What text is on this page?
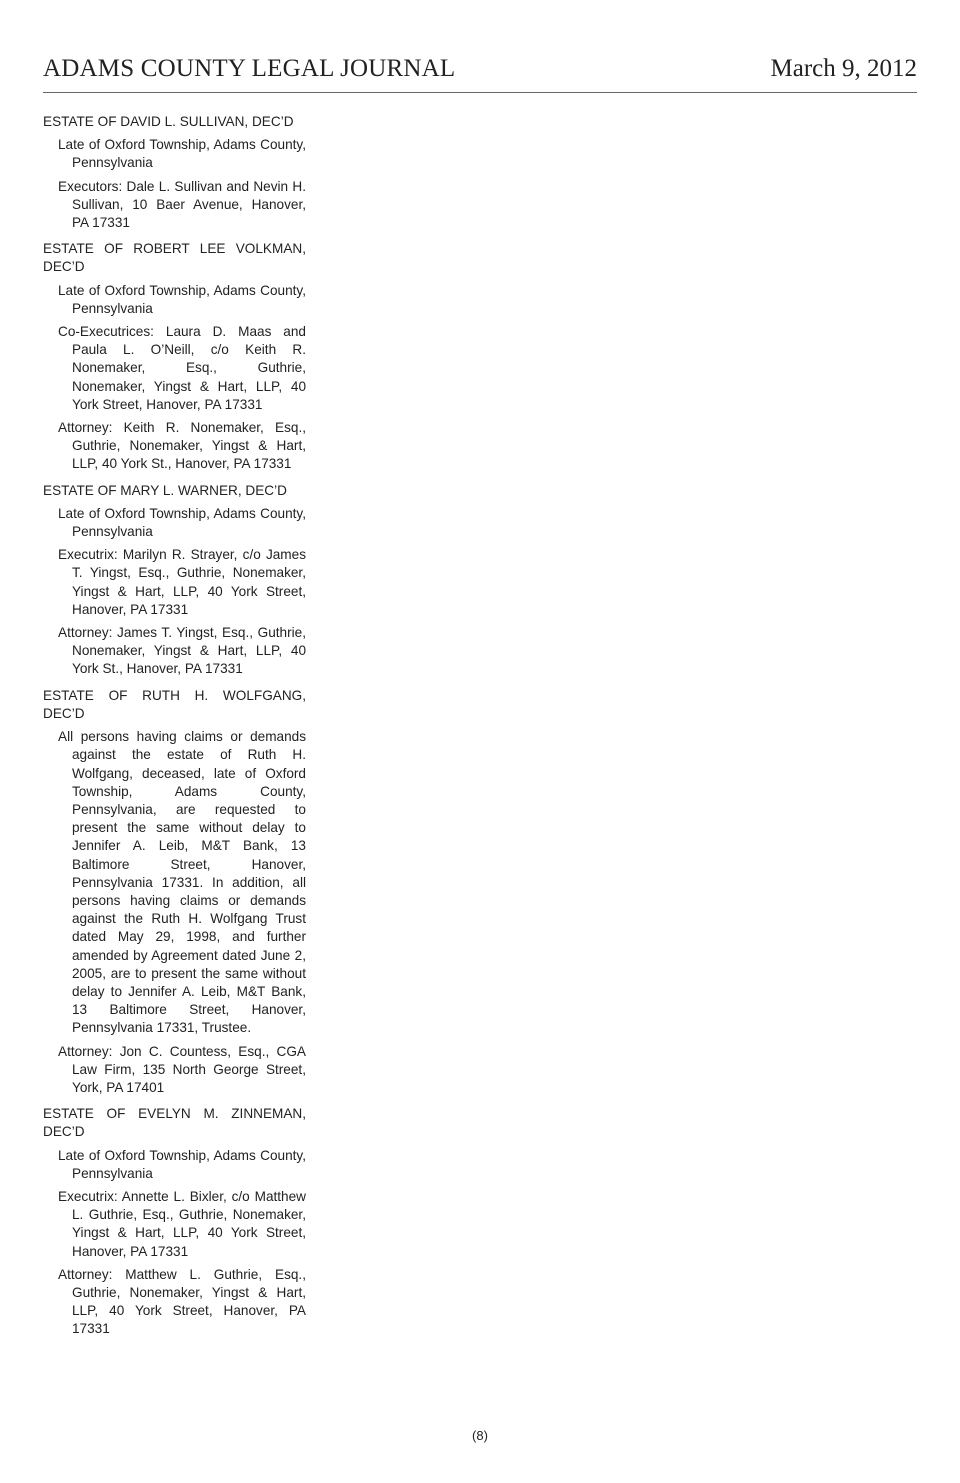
ADAMS COUNTY LEGAL JOURNAL	March 9, 2012
ESTATE OF DAVID L. SULLIVAN, DEC’D

Late of Oxford Township, Adams County, Pennsylvania

Executors: Dale L. Sullivan and Nevin H. Sullivan, 10 Baer Avenue, Hanover, PA 17331

ESTATE OF ROBERT LEE VOLKMAN, DEC’D

Late of Oxford Township, Adams County, Pennsylvania

Co-Executrices: Laura D. Maas and Paula L. O’Neill, c/o Keith R. Nonemaker, Esq., Guthrie, Nonemaker, Yingst & Hart, LLP, 40 York Street, Hanover, PA 17331

Attorney: Keith R. Nonemaker, Esq., Guthrie, Nonemaker, Yingst & Hart, LLP, 40 York St., Hanover, PA 17331

ESTATE OF MARY L. WARNER, DEC’D

Late of Oxford Township, Adams County, Pennsylvania

Executrix: Marilyn R. Strayer, c/o James T. Yingst, Esq., Guthrie, Nonemaker, Yingst & Hart, LLP, 40 York Street, Hanover, PA 17331

Attorney: James T. Yingst, Esq., Guthrie, Nonemaker, Yingst & Hart, LLP, 40 York St., Hanover, PA 17331

ESTATE OF RUTH H. WOLFGANG, DEC’D

All persons having claims or demands against the estate of Ruth H. Wolfgang, deceased, late of Oxford Township, Adams County, Pennsylvania, are requested to present the same without delay to Jennifer A. Leib, M&T Bank, 13 Baltimore Street, Hanover, Pennsylvania 17331. In addition, all persons having claims or demands against the Ruth H. Wolfgang Trust dated May 29, 1998, and further amended by Agreement dated June 2, 2005, are to present the same without delay to Jennifer A. Leib, M&T Bank, 13 Baltimore Street, Hanover, Pennsylvania 17331, Trustee.

Attorney: Jon C. Countess, Esq., CGA Law Firm, 135 North George Street, York, PA 17401

ESTATE OF EVELYN M. ZINNEMAN, DEC’D

Late of Oxford Township, Adams County, Pennsylvania

Executrix: Annette L. Bixler, c/o Matthew L. Guthrie, Esq., Guthrie, Nonemaker, Yingst & Hart, LLP, 40 York Street, Hanover, PA 17331

Attorney: Matthew L. Guthrie, Esq., Guthrie, Nonemaker, Yingst & Hart, LLP, 40 York Street, Hanover, PA 17331

(8)
